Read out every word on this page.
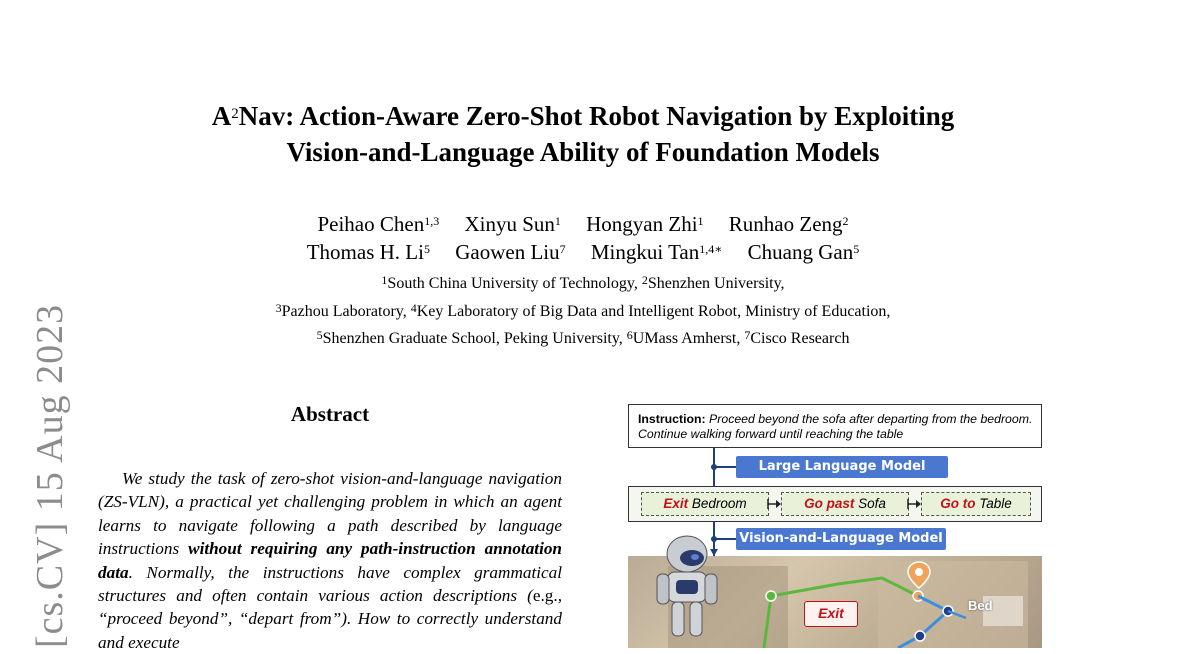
[cs.CV] 15 Aug 2023
$A^2Nav$: Action-Aware Zero-Shot Robot Navigation by Exploiting
Vision-and-Language Ability of Foundation Models
Peihao Chen$^{1,3}$ Xinyu Sun$^1$ Hongyan Zhi$^1$ Runhao Zeng$^2$
Thomas H. Li$^5$ Gaowen Liu$^7$ Mingkui Tan$^{1,4∗}$ Chuang Gan$^5$
$^1$South China University of Technology, $^2$Shenzhen University,
$^3$Pazhou Laboratory, $^4$Key Laboratory of Big Data and Intelligent Robot, Ministry of Education,
$^5$Shenzhen Graduate School, Peking University, $^6$UMass Amherst, $^7$Cisco Research
Abstract
We study the task of zero-shot vision-and-language navigation (ZS-VLN), a practical yet challenging problem in which an agent learns to navigate following a path described by language instructions without requiring any path-instruction annotation data. Normally, the instructions have complex grammatical structures and often contain various action descriptions (e.g., “proceed beyond”, “depart from”). How to correctly understand and execute
Instruction: Proceed beyond the sofa after departing from the bedroom. Continue walking forward until reaching the table
Large Language Model
Exit Bedroom	Go past Sofa	Go to Table
Vision-and-Language Model
Exit	Bed
